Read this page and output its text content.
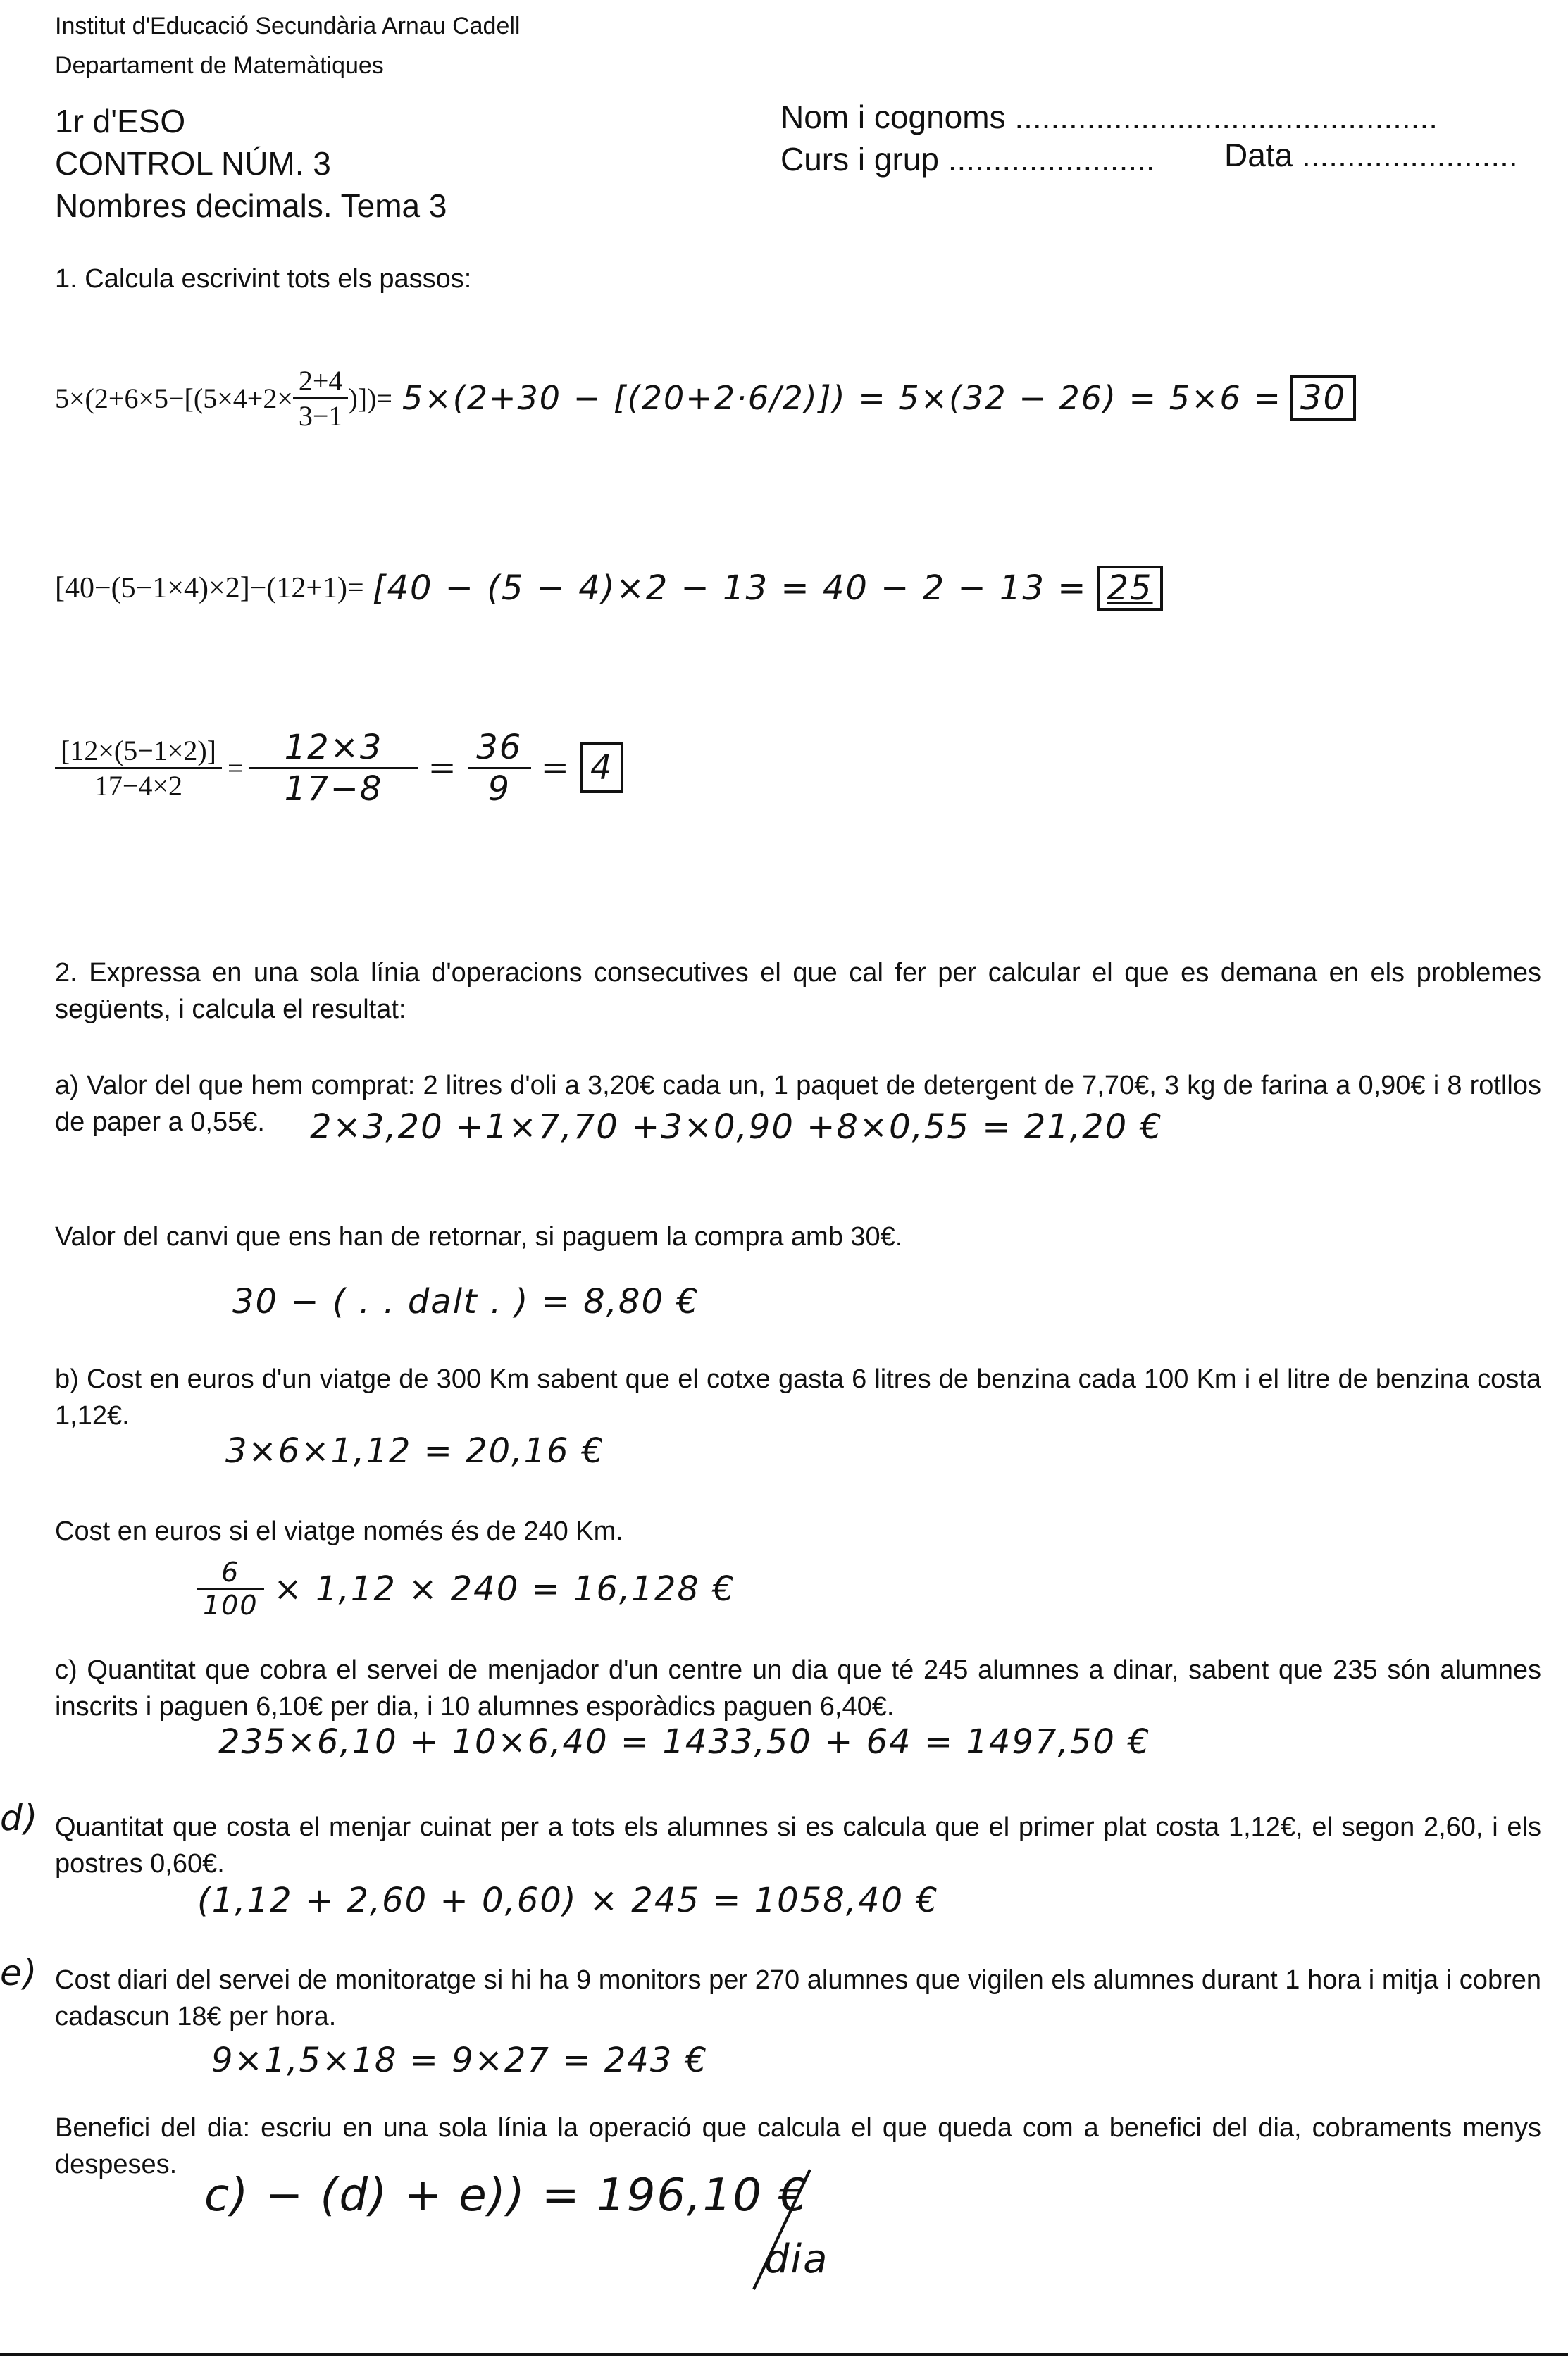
Institut d'Educació Secundària Arnau Cadell
Departament de Matemàtiques
1r d'ESO
CONTROL NÚM. 3
Nombres decimals. Tema 3
Nom i cognoms ...............................................
Curs i grup ....................... Data ........................
1. Calcula escrivint tots els passos:
$5\times(2+6\times 5-[(5\times 4+2\times \frac{2+4}{3-1}$ )])= 5×(2+30 − [(20+2·6/2)]) = 5×(32 − 26) = 5×6 = 30
[40−(5−1×4)×2]−(12+1)= [40 − (5 − 4)×2 − 13 = 40 − 2 − 13 = 25
$\frac{[12\times(5-1\times 2)]}{17-4\times 2} = \frac{12\times 3}{17-8} = \frac{36}{9} = 4$
2. Expressa en una sola línia d'operacions consecutives el que cal fer per calcular el que es demana en els problemes següents, i calcula el resultat:
a) Valor del que hem comprat: 2 litres d'oli a 3,20€ cada un, 1 paquet de detergent de 7,70€, 3 kg de farina a 0,90€ i 8 rotllos de paper a 0,55€.	2×3,20 +1×7,70 +3×0,90 +8×0,55 = 21,20 €
Valor del canvi que ens han de retornar, si paguem la compra amb 30€.
30 − ( . . dalt . ) = 8,80 €
b) Cost en euros d'un viatge de 300 Km sabent que el cotxe gasta 6 litres de benzina cada 100 Km i el litre de benzina costa 1,12€.
3×6×1,12 = 20,16 €
Cost en euros si el viatge només és de 240 Km.
$\frac{6}{100} \times 1,12 \times 240 = 16,128$ €
c) Quantitat que cobra el servei de menjador d'un centre un dia que té 245 alumnes a dinar, sabent que 235 són alumnes inscrits i paguen 6,10€ per dia, i 10 alumnes esporàdics paguen 6,40€.
235×6,10 + 10×6,40 = 1433,50 + 64 = 1497,50 €
d) Quantitat que costa el menjar cuinat per a tots els alumnes si es calcula que el primer plat costa 1,12€, el segon 2,60, i els postres 0,60€.
(1,12 + 2,60 + 0,60) × 245 = 1058,40 €
e) Cost diari del servei de monitoratge si hi ha 9 monitors per 270 alumnes que vigilen els alumnes durant 1 hora i mitja i cobren cadascun 18€ per hora.
9×1,5×18 = 9×27 = 243 €
Benefici del dia: escriu en una sola línia la operació que calcula el que queda com a benefici del dia, cobraments menys despeses.
c) − (d) + e)) = 196,10 €
dia
